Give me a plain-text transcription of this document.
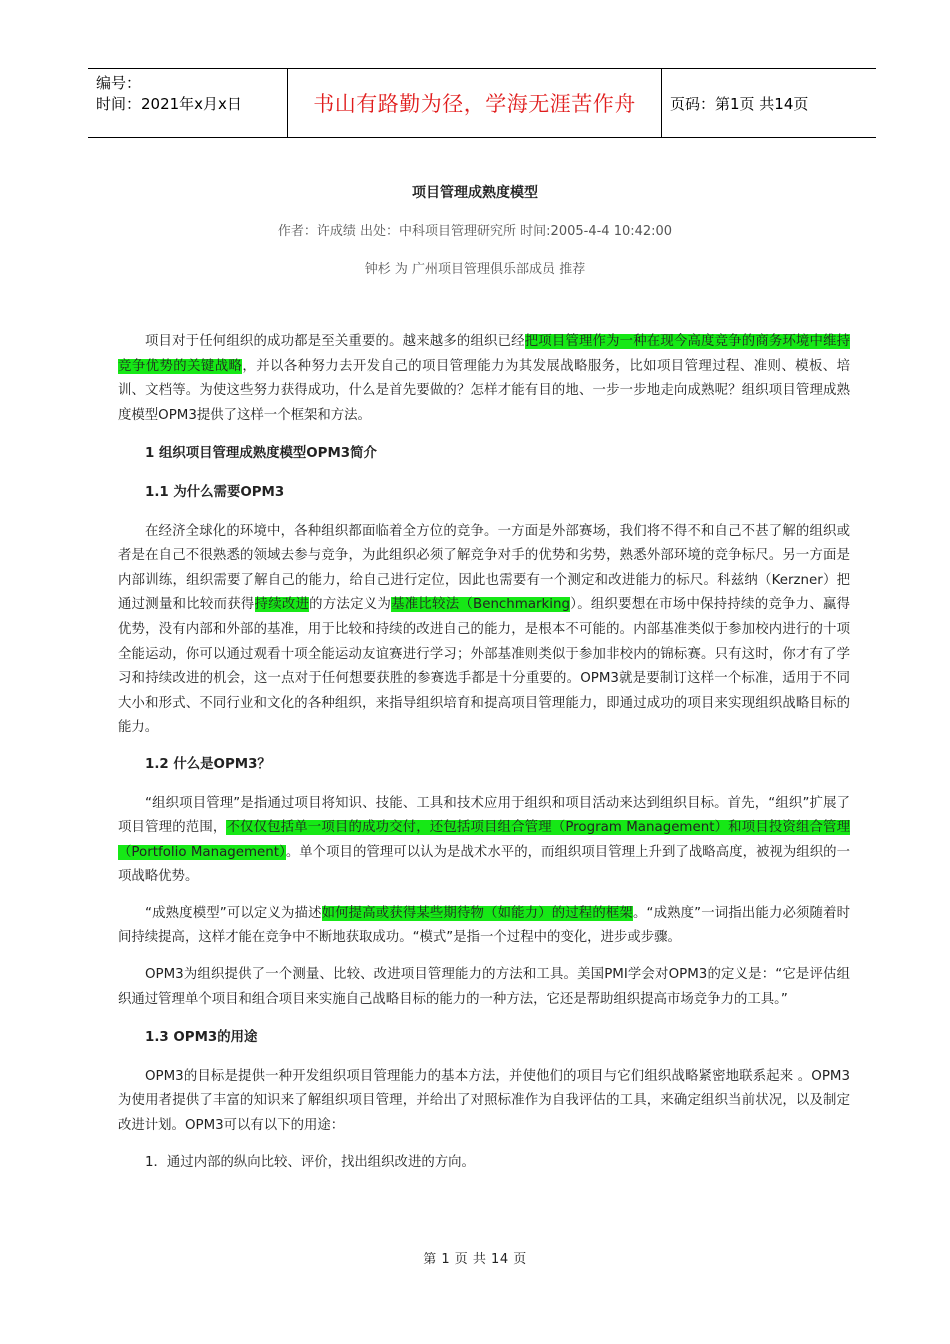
编号：
时间：2021年x月x日	书山有路勤为径，学海无涯苦作舟 页码：第1页 共14页
项目管理成熟度模型
作者：许成绩 出处：中科项目管理研究所 时间:2005-4-4 10:42:00
钟杉 为 广州项目管理俱乐部成员 推荐

项目对于任何组织的成功都是至关重要的。越来越多的组织已经把项目管理作为一种在现今高度竞争的商务环境中维持竞争优势的关键战略，并以各种努力去开发自己的项目管理能力为其发展战略服务，比如项目管理过程、准则、模板、培训、文档等。为使这些努力获得成功，什么是首先要做的？怎样才能有目的地、一步一步地走向成熟呢？组织项目管理成熟度模型OPM3提供了这样一个框架和方法。

1 组织项目管理成熟度模型OPM3简介
1.1 为什么需要OPM3

在经济全球化的环境中，各种组织都面临着全方位的竞争。一方面是外部赛场，我们将不得不和自己不甚了解的组织或者是在自己不很熟悉的领域去参与竞争，为此组织必须了解竞争对手的优势和劣势，熟悉外部环境的竞争标尺。另一方面是内部训练，组织需要了解自己的能力，给自己进行定位，因此也需要有一个测定和改进能力的标尺。科兹纳（Kerzner）把通过测量和比较而获得持续改进的方法定义为基准比较法（Benchmarking）。组织要想在市场中保持持续的竞争力、赢得优势，没有内部和外部的基准，用于比较和持续的改进自己的能力，是根本不可能的。内部基准类似于参加校内进行的十项全能运动，你可以通过观看十项全能运动友谊赛进行学习；外部基准则类似于参加非校内的锦标赛。只有这时，你才有了学习和持续改进的机会，这一点对于任何想要获胜的参赛选手都是十分重要的。OPM3就是要制订这样一个标准，适用于不同大小和形式、不同行业和文化的各种组织，来指导组织培育和提高项目管理能力，即通过成功的项目来实现组织战略目标的能力。

1.2 什么是OPM3？

“组织项目管理”是指通过项目将知识、技能、工具和技术应用于组织和项目活动来达到组织目标。首先，“组织”扩展了项目管理的范围，不仅仅包括单一项目的成功交付，还包括项目组合管理（Program Management）和项目投资组合管理（Portfolio Management）。单个项目的管理可以认为是战术水平的，而组织项目管理上升到了战略高度，被视为组织的一项战略优势。

“成熟度模型”可以定义为描述如何提高或获得某些期待物（如能力）的过程的框架。“成熟度”一词指出能力必须随着时间持续提高，这样才能在竞争中不断地获取成功。“模式”是指一个过程中的变化，进步或步骤。

OPM3为组织提供了一个测量、比较、改进项目管理能力的方法和工具。美国PMI学会对OPM3的定义是：“它是评估组织通过管理单个项目和组合项目来实施自己战略目标的能力的一种方法，它还是帮助组织提高市场竞争力的工具。”

1.3 OPM3的用途

OPM3的目标是提供一种开发组织项目管理能力的基本方法，并使他们的项目与它们组织战略紧密地联系起来 。OPM3为使用者提供了丰富的知识来了解组织项目管理，并给出了对照标准作为自我评估的工具，来确定组织当前状况，以及制定改进计划。OPM3可以有以下的用途：

1．通过内部的纵向比较、评价，找出组织改进的方向。
第 1 页 共 14 页
